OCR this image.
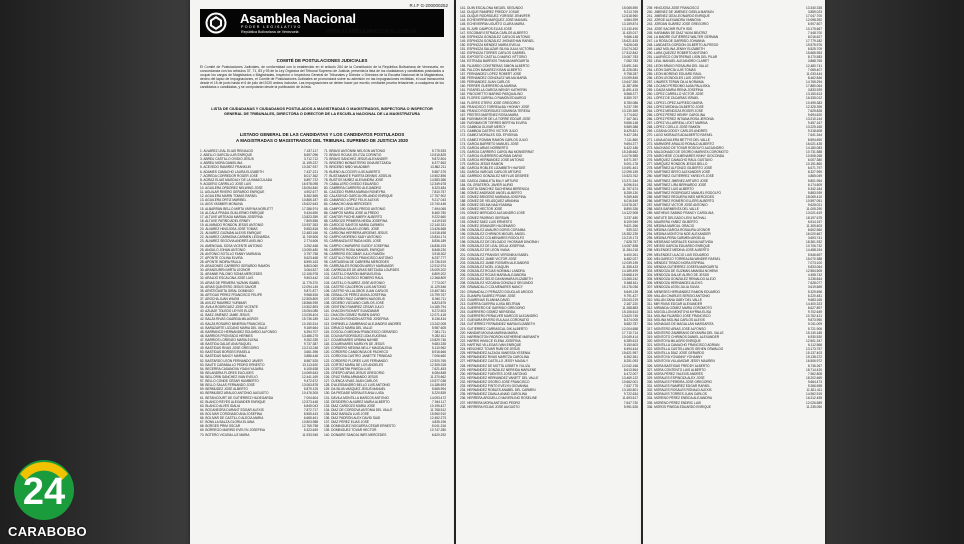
R.I.F G-200000252
Asamblea Nacional
PODER LEGISLATIVO
República Bolivariana de Venezuela	WWW.ASAMBLEANACIONAL.GOB.VE
COMITÉ DE POSTULACIONES JUDICIALES
El Comité de Postulaciones Judiciales, de conformidad con lo establecido en el artículo 264 de la Constitución de la República Bolivariana de Venezuela, en concordancia con los artículos 37, 71, 83 y 93 de la Ley Orgánica del Tribunal Supremo de Justicia, presenta la lista de los ciudadanos y candidatas postulados a ocupar los cargos de Magistrados o Magistradas, Inspector o Inspectora General de Tribunales y Director o Directora de la Escuela Nacional de la Magistratura, dentro del lapso de impugnaciones, el Comité de Postulaciones Judiciales se pronunciará sobre su admisión en las impugnaciones recibidas, el cual transcurrirá desde el 15 de junio hasta el 6 de julio del 2020 ambos inclusive. Las impugnaciones se deben hacer por escrito, mediante prueba fehaciente, a cualquiera de los candidatos o candidatas, y se computarán desde la publicación de la lista.
LISTA DE CIUDADANAS Y CIUDADANOS POSTULADOS A MAGISTRADAS O MAGISTRADOS, INSPECTORA O INSPECTOR
GENERAL DE TRIBUNALES, DIRECTORA O DIRECTOR DE LA ESCUELA NACIONAL DE LA MAGISTRATURA
LISTADO GENERAL DE LAS CANDIDATAS Y LOS CANDIDATOS POSTULADOS
A MAGISTRADAS O MAGISTRADOS DEL TRIBUNAL SUPREMO DE JUSTICIA 2020
1. ÁLVAREZ LEAL ELIAS REINALDO	7.437.117
2. ABELLO GARCÍA LUIS ENRIQUE	8.697.096
3. ABREU CASTILLO OVIDIO JESÚS	3.712.712
4. ABREU MORA DANIELINA	11.159.237
5. ACEVEDO RAMIREZ FRANKLIN	10.267.937
6. ADAMES CAMACHO LAURA ELIZABETH	7.437.221
7. AGREDA CORREDOR ROGER JOSÉ	8.017.362
8. AGRAZ ELIAS MAGDALY DE LA INMACULADA	6.897.722
9. AGÜERO CARRILLO JOSÉ LUIS	16.978.098
10. AGUILERA ORDÓÑEZ NELWING JOSÉ	18.054.840
11. AGUILAR RIVERO GERARDO ENRIQUE	4.902.677
12. AGUILERA MARÍN TOMÁS RAFAEL	8.362.565
13. AGUILERA ORTIZ MARIBEL	10.865.187
14. AIGS YASMIER MONUNA	15.622.643
15. ALBARRÁN BELLO MIRTA YARYNA NORLETT	17.286.974
16. ALCALÁ PRADA GUILLERMO ENRIQUE	9.434.690
17. ALTUVE ARTEAGA MARÍAN JOSEFINA	13.823.359
18. ALTUVE PATIÑO ADEL ERNEY	7.809.556
19. ALVARADO RONDÓN JESÚS ANTONIO	10.937.353
20. ÁLVAREZ HINOJOSA JOSÉ TOMÁS	5.553.818
21. ÁLVAREZ GUZMÁN ALEXIS ENRIQUE	12.483.166
22. ÁLVAREZ CARMONA CARMEN LEONARDA	11.749.506
23. ÁLVAREZ SEGOVIA ANDRÉS AVELINO	2.774.606
24. AMENGUAL SOSA VICENTE ANTONIO	3.252.468
25. ANGULO JOHAN ANTONIO	13.050.480
26. ANTONIO SOTILLO FANNY MARIANA	3.797.758
27. APONTE COLINA ELVIRA	5.623.468
28. APONTE INDIRA PAULA	8.590.163
29. ARAGONÉS CARRERO GERARDO RAMÓN	6.803.060
30. ARANGUREN MIRTA LEONOR	3.064.527
31. ARANNE PALOMO SONIA MERCEDES	12.106.978
32. ARAUJO ESCALONA JOSÉ LUIS	9.503.442
33. ARIAS DE PRIMERA YAZMIN ISABEL	11.775.370
34. ARIAS QUINTERO JESÚS SAVIOR	12.094.145
35. ARISTIGUIETA GIRAL DOMINGO	9.871.877
36. ARTIGAS PÉREZ FRANCISCO FELIPE	9.968.526
37. AROCHA JUAN WILEM	12.505.809
38. AVILEZ RAMÍREZ YURIMAR	18.566.939
39. ÁVILA RODRÍGUEZ JOSÉ VICENTE	10.502.893
40. AZUAJE TOLEDO LEYVIS ELIZE	15.054.085
41. BAEZ JIMÉNEZ JAIME JESÚS	13.035.404
42. BALZA RIVAS GUARDIA MILAGROS	15.736.189
43. BALZA ROSARIO MINERVA FRANCISCA	10.150.514
44. BARAZARTE LIZCANO MARIA DEL VALLE	9.169.664
45. BARRANCO HERNÁNDEZ EDUARDO ALFONSO	6.394.707
46. BARRIOS FRONTADO HERMES	13.486.275
47. BARRIOS LORENZO MARIA ELENA	9.262.339
48. BASTIDA GALUÉ ANA RAQUEL	9.737.387
49. BASTIDAS RIVAS JOSÉ GREGORIO	13.213.248
50. BASTIDAS BORGES IRASELA	3.661.396
51. BASTIDAS NANCY MARINA	3.886.448
52. BASTARDO LEÓN FERNANDO JAVIER	8.587.525
53. BAUTE CARABALLO PEDRO ERNESTO	13.113.620
54. BECERRA CASANOVA YOANI YAJAIRA	6.105.638
55. BELANDRIA FLORES EUCLIDES	14.069.643
56. BELLORÍN SÁNCHEZ IVAN EVELIO	12.441.169
57. BELLO CONDE CÉSAR HUMBERTO	9.472.672
58. BELLO SALAS FERNANDO JOSÉ	13.063.878
59. BERMÚDEZ JOSÉ ALBERTO	5.879.125
60. BERMÚDEZ ARAUJO ANTONIO AUGUSTO	10.476.305
61. BETANCOURT DE GUTIÉRREZ HILDEGARDA	7.004.604
62. BLANCO REYES ALEXANDER ENRIQUE	12.573.448
63. BLANCO ALVES IDALIA	6.845.043
64. BOCANEGRA DURANT EDGAR ALEXIS	7.872.717
65. BOLÍVAR CORONADO ANA JOSEFINA	8.555.443
66. BOLÍVAR DE CASTILLO ALECIA MARIA	6.665.461
67. BONILLA BALZA GLORIA ELIANA	10.803.988
68. BORGES PRIM OSCAR	12.765.758
69. BORREGO MARIÑO EVELYN JOSEFINA	5.323.649
70. BOTERO VICUÑA LUZ MARIA	11.933.945
71. BRAVO ANTONINI NELSON ANTONIO	5.775.933
72. BRAVO ROJAS JELITZA CORINTIO	10.515.825
73. BRAVO SÁNCHEZ JESÚS ALEXANDER	9.872.504
74. BRICEÑO MONASTERIO DINA BETZAIDA	6.377.563
75. BRICEÑO NIÑO WLADIMIR	13.862.211
76. BUENO ALCÓCER LUIS ALBERTO	5.587.375
77. BUSTAMANTE PUERTA DENNIS JOSELIN	10.502.896
78. BUSTOS NÚÑEZ ALEXANDRA JOSÉ	14.583.366
79. CABALLERO OVIEDO EDUARDO	12.349.678
80. CABRERA CARRERO ALEJANDRO	6.323.484
81. CAICEDO PARRA MARIAN RONEYRA	7.810.757
82. CALATAYUD GARCIA ORLANDO ENRIQUE	17.757.902
83. CAMARGO LÓPEZ FELIX ALEXIS	9.217.043
84. CAMACHO ANA MERCEDES	10.740.446
85. CAMPOS LÓPEZ ALFREDO ANTONIO	7.494.065
86. CAMPOS MARIA JOSE ALFREDO	8.460.780
87. CANTOR PUCHE AMERY ALBERTO	9.222.660
88. CARDOZO PRIMERA NEIDA JOSEFINA	4.419.515
89. CAROCIO SANTOS MARÍA CARMEN	12.140.331
90. CARMONA SALAS LEONEL JOSÉ	13.426.568
91. CARDONA HERRERA ARGENIS JESÚS	14.918.458
92. CARPIO MORENO SADY ANTONIO	10.834.174
93. CARRANZA ESTRADA NOEL JOSÉ	8.836.189
94. CARPIO CHAPARRO GLEIDY JOSEFINA	16.836.193
95. CARRERO ROSA MANUEL ENRIQUE	8.848.230
96. CARRERO ESCOBAR JULIO RAMÓN	3.918.302
97. CASTILLO RUVIDO FRANCISCO ANTONIO	6.237.777
98. CARTAGENA DE CABRERA MERCEDES	15.736.519
99. CARRIZALES RONDÓN ARELY MARIAMOR	12.912.974
100. CARRIZALES DE ARIAS BETZAIDA LOURDES	15.009.202
101. CASTILLO BARÓN MARIA ELENA	6.809.202
102. CASTILLO BOSCO ROMERO RAÚL	12.368.809
103. CASTILLO SUÁREZ JOSÉ ANTONIO	7.773.007
104. CASTRO CALDERÓN LUIS ANTONIO	11.129.546
105. CASTRO VILLALOBOS JUAN CARLOS	10.457.561
106. CEBALLOS PÉREZ ANIXA JOSEFINA	10.799.767
107. CEDEÑO RUIZ CARMEN NAGGELIS	8.940.711
108. CEDEÑO VIZCAINO CARLOS JOSÉ	6.823.875
109. CENTENO RAMÍREZ CÉSAR JULIO	14.185.794
110. CHACÓN RICHART ELIMZAMAR	5.272.503
111. CHACÓN GÓMEZ RUBÉN DARIO	12.071.418
112. CHACÓN RONDÓN ASTRID JOSEFINA	8.136.434
113. CHIRINELLI ZAMBRANO ALEJANDRO ANDRÉS	13.242.008
114. CIRIACO MARÍA DEL VALLE	5.987.605
115. COGOLLO MEDINA FRANCESCO GERARDO	7.081.711
116. COLINA RODRÍGUEZ LIDIA EUGENIA	9.282.611
117. COLMENARES URBINA NAYIBE	10.829.746
118. COLMENARES MARILYN DE JESÚS	9.683.335
119. CORDERO MEDINA NELLY MAGDALENA	5.110.962
120. CORDERO CANDONGA DE PACHECO	8.916.666
121. CORDOVA CASTRO JANETTE TRINIDAD	7.006.660
122. CORDERO FLORES LUIS FERNANDO	12.920.765
123. CORTEZ MARÍA DE LOS ANGELES	12.305.318
124. COSTANTINI PINEDA LUIS	7.621.453
125. CRESPO ARIAS JESÚS GREGORIO	6.084.848
126. CRUZ FARÍA ARMANDO JESÚS	11.370.662
127. CUENCA VIVAS JUAN CARLOS	10.577.038
128. D'ALESSANDRO BELLO LUIS ANTONIO	14.186.693
129. DA SILVA VASQUEZ JESÚS MANUEL	5.565.994
130. DA PIEDADE MORALES ANA LUISA	5.220.839
131. DÁVILA MONTILLA MARCOS ANTONIO	14.093.472
132. DESIDERIO ALVAREZ MARIA ALBERTO	7.944.117
133. DÍAZ CARDOZO MARIA JOSE	10.196.427
134. DÍAZ DE CORDOVA ANTONIA DEL VALLE	11.768.512
135. DÍAZ BARAZA LUIS JOSÉ	15.960.910
136. DÍAZ PADRÓN ALEX DAVID SAID	12.452.273
137. DÍAZ PÉREZ ELIAS JOSÉ	4.835.196
138. DOMINGUEZ NOGUERA CÉSAR ERNESTO	5.041.316
139. DOMÍNGUEZ TOVAR HÉCTOR	10.747.280
140. DONAIRE SANOJA INÉS MERCEDES	6.620.292
141. DUIN ESCALONA MIGUEL SEGUNDO	15.065.590
142. DUQUE RAMÍREZ FREDDY JOSUÉ	9.213.769
143. DUQUE RODRÍGUEZ YORSISE JENNIFER	12.618.960
144. ECHEVERRÍA MARQUEZ JOSÉ MANUEL	4.584.399
145. ECHEVERRÍA UGUETO CLARA MARÍA	13.159.874
146. ELJURI CAMPOS ELÍAS JOSÉ	13.130.490
147. ESCOBAR ESTRADA CARLOS ALBERTO	11.430.017
148. ESPINOZA GONZÁLEZ CARLOS ANTONIO	9.686.148
149. ESPINOZA GONZÁLEZ JHONATHAN RAFAEL	15.621.815
150. ESPINOZA MÉNDEZ MARÍA EVELIA	9.628.045
151. ESPINOZA SALAZAR SILVIA JULIA VICTORIA	13.074.262
152. ESPINOZA TORRES CARLOS GABRIEL	17.512.842
153. EXPÓSITO CASTILLO MARIO VITTORIO	10.067.783
154. ESTRADA BARRIOS THANIA MARGARITA	7.082.783
155. FAJARDO CONTRERAS SIMÓN ALBERTO	15.691.340
156. FALCÓN MAVAREZ KISAN ALBERTO	11.226.081
157. FERNÁNDEZ LÓPEZ ROBERT JOSÉ	9.798.287
158. FERNÁNDEZ GONZÁLEZ WILMA MARÍA	10.059.845
159. FERNÁNDEZ JUAN CARLOS	10.647.350
160. FERRER GUERRERO ALMARINA	11.387.696
161. FIGARELLA GARCÍA WENDY KATHERIN	11.691.415
162. FINOCHETTO MARINO PASQUALINO	5.568.377
163. FLORES CARRILLO RAMÓN EDUARDO	8.350.767
164. FLORES OTERO JOSÉ GREGORIO	8.780.086
165. FRANCISCO TORREALBA YHONNY JOSÉ	9.237.789
166. FRANCO RODRÍGUEZ DOMINGA TERESA	13.130.369
167. FREITES MARTÍNEZ ROSA MARÍA	3.774.602
168. FUENMAYOR DE LA TORRE EDGAR JOSÉ	7.167.361
169. FUENMAYOR TORRES BERTHA ELVIRA	9.656.148
170. GAMBOA OLIVAR MERCY	5.589.388
171. GAMBOA CASTRO VÍCTOR JULIO	8.429.821
172. GÁMEZ MORALES SOL EFIGENIA	9.427.284
173. GÁMEZ ROMÁN RAMÓN CARLOS JULIO	7.111.860
174. GARCÍA BARRETO MANUEL JOSÉ	9.694.377
175. GARCÍA ARIAS NORBERTO	6.422.186
176. GARCÍA CARRERO CAROLINA MONSERRAT	15.248.662
177. GARCÍA GUERRERO ADRIÁN DARIO	14.076.985
178. GARCÍA HERNÁNDEZ JOSÉ ANTONIO	6.971.397
179. GARCÍA JESÚS RAMÓN	5.001.178
180. GARCÍA ROBLES LIZAMBETH HAYDEÉ	10.691.461
181. GARCÍA VARGAS CARLOS ARTURO	12.095.159
182. GARRIDO GONZÁLEZ MEYLUS DESIRÉE	10.523.762
183. GASCA ZABALETA BILLY ARTURO	13.371.344
184. GIL GRATEROL JAVIER ALIRIO	8.096.514
185. GOITÍA SÁNCHEZ SACHENKA BERENICA	11.767.674
186. GÓMEZ ANDRADE ANGEL ALBERTO	8.259.130
187. GÓMEZ BRICEÑO MARIANA JOSEFINA	9.269.465
188. GÓMEZ DE VELÁSQUEZ ARIANNA	6.016.549
189. GÓMEZ DELMA NAILYSABINA	13.578.267
190. GÓMEZ HÉCTOR JOSÉ	8.890.336
191. GÓMEZ MERCADO ALEJANDRO JOSÉ	14.122.908
192. GÓMEZ PADRINO GERSAIN	3.237.480
193. GÓMEZ SÁEZ LUIS ERNESTO	8.109.949
194. GÓMEZ JEMANZIR HILDEMARO	9.621.266
195. GONZÁLEZ ANAURO DORIS CORAIMA	939.322
196. GONZÁLEZ CHIRINOS MIGUEL ÁNGEL	15.352.239
197. GONZÁLEZ COLMENARES RODOLFO	10.219.173
198. GONZÁLEZ DE DELGADO YHOSMAR DINORAH	7.628.757
199. GONZÁLEZ DE LEAL DELIA JOSEFINA	14.057.838
200. GONZÁLEZ DE LEÓN VIANA	11.284.218
201. GONZÁLEZ FRANGIS VERONIKA ISABEL	6.400.261
202. GONZÁLEZ JAIME VÍCTOR JOSÉ	6.482.027
203. GONZÁLEZ JAIME ROSMEN ALEJANDRO	12.039.195
204. GONZÁLEZ NOEL JOAQUÍN	11.355.433
205. GONZÁLEZ ROJAS NOEMALI LANDRA	14.189.499
206. GONZÁLEZ ROJAS MARÍA ALEJANDRA	15.668.419
207. GONZÁLEZ SEIJO DAYANHARA ELIZABETH	13.265.242
208. GONZÁLEZ VIZCAÍNA GONZALO SEGUNDO	5.848.611
209. GRANADILLO COLMENARES NANCY	15.176.036
210. GRANADILLO PERAZZO DOUGLAS ARCIDO	5.649.139
211. GUANIPA SUÁREZ FRANK JOSÉ	9.791.427
212. GUARENAS ELANNIA DAVID	15.043.219
213. GUERRA GUERRA LUISA BELTRAN	2.187.220
214. GUERRERO DE GARRIDO GREGORIO	11.288.883
215. GUERRERO GÓMEZ NERSEIDA	15.106.614
216. GUERRERO PEÑALVER MARCOS ALEJANDRO	13.620.745
217. GUEVARA RIVERO EULALIA CORONATIO	8.374.005
218. GUTIÉRREZ FERNÁNDEZ MARÍA ELIZABETH	8.682.787
219. GUTIÉRREZ CARRASCAL DIK ALBERTO	12.004.658
220. HANDAR MOLINA MARINA MARIA	17.710.714
221. HARRINGTON PADRÓN KATHERINE MARIANTH	10.049.414
222. HARRIS HIMILCE ELENA JOSEFINA	6.289.613
223. HARTING VILLEGAS IVAN ENRIQUE	9.150.603
224. HENCHIEZ TOVAR RUBÍ DE JESÚS	6.494.444
225. HERNÁNDEZ ALZAGA VANESSA YESENIA	15.621.957
226. HERNÁNDEZ RIVAS MARITZA CAROLINA	6.352.361
227. HERNÁNDEZ CASTILLO JESSY MAGALY	8.251.093
228. HERNÁNDEZ DE MOTTA LISBETH YULIZA	12.042.166
229. HERNÁNDEZ GONZÁLEZ NEREIDA MARLENE	8.613.564
230. HERNÁNDEZ FUENTES JOSÉ ANTONIO	6.472.007
231. HERNÁNDEZ HERNÁNDEZ VANETT DEL VALLE	13.469.122
232. HERNÁNDEZ OSORIO JOSÉ FRANCISCO	10.662.001
233. HERNÁNDEZ PINTO EVELYN GIOVANNA	7.637.775
234. HERNÁNDEZ ROBLES ANABEL DEL CARMEN	13.160.801
235. HERNÁNDEZ ZAVALA ANAID CAROLINA	9.722.634
236. HERRERA ARGUELLO MAYERLING ROSELINE	11.693.617
237. HERRERA MORA ANTONIO PEDRO	7.647.730
238. HERRERA ROJAS JOSÉ AUGUSTO	5.951.526
239. HINOJOSA JOSÉ FRANCISCO	13.340.335
240. JIMENEZ DE JIMÉNEZ GISELA MARILÍN	3.859.023
241. JIMÉNEZ IZEA LEONARDO ENRIQUE	17.047.700
242. JORGE ALEXANDRA YANNÓVA	12.098.392
243. JORDÁN SUÁREZ JOSÉ GREGORIO	6.907.507
244. JOSÉ SACHIR RUTH ISIS	10.175.667
245. KARAMÁN DE DÍAZ YAXIA BEATRIZ	7.448.700
246. LA MADRE GUTIÉRREZ WALTER GERMAN	8.016.627
247. LA ROSA DE GARRIDO JOHANNA	17.779.182
248. LANDAETA GORDÓN GILBERTO ALFREDO	19.575.976
249. LANZ MOLINA JENNY ELIZABETH	6.525.709
250. LARA QUEZEZ ROBERTO ANTONIO	15.665.953
251. LAURISCO CONTRERAS LISÍN DEL PILAR	8.170.583
252. LEAL MANUEL ALEJANDRO CLARET	3.868.765
253. LEÓN BRAVO ROSAURA DEL VALLE	12.480.741
254. LEÓN GARCÍA LUIS TOMÁS	7.065.407
255. LEÓN MORENO EDUARD RAÚL	11.033.444
256. LEÓN LEONDOLES LUIS JOSEPH	8.462.846
257. LINARES TERÁN DILIA NORAIMA	14.765.294
258. LOCANO PERDOMO ALBA PAULISKA	17.880.064
259. LOAIZA MARIA REINA JOSEFINA	3.833.929
260. LÓPEZ CARRILLO VÍCTOR JOSÉ	13.150.613
261. LÓPEZ DE ZACARÍAS ISRAEL	16.335.012
262. LÓPEZ LÓPEZ ALFREDO MARÍA	10.495.383
263. LÓPEZ MEDINA GILBERTO JOSÉ	12.325.395
264. LÓPEZ MENDOZA ROGER JOSÉ	7.625.828
265. LÓPEZ PÉREZ HENRY CAROLINA	9.694.620
266. LÓPEZ PÉREZ INTIANA ROSA JERONIA	13.210.144
267. LÓPEZ VILLARREAL LEXIT MARINA	9.457.167
268. LÓPEZ COELLO JOSÉ RAMÓN	13.225.165
269. LOZANA GODOY CARLOS ANDRÉS	9.318.608
270. LUGO MORALES ADALBERTO RAFAEL	7.641.344
271. LUNA AGUILERA BETTYS DEL VALLE	8.594.690
272. MARMORE ARAUJO RONALD ALBERTO	16.021.435
273. MACHADO DE TOVAR RODOLFO ALEJANDRO	14.180.083
274. MALDONADO DE OSORIO MARINTA COROMOTO	10.731.588
275. MARCHESE COLMENARES KINNY GIOCONDA	10.508.268
276. MARQUEZ CAMACHO RAÚL GUSTAVO	6.007.380
277. MÁRQUEZ RONDÓN JESÚS BELLO	10.151.860
278. MARTÍNEZ ALFONZO GILBERTO JOSÉ	6.671.797
279. MARTÍNEZ BRITO ALEXANDER JOSÉ	8.327.990
280. MARTÍNEZ GUTIÉRREZ YARELYS JOSÉ	4.865.049
281. MARTÍNEZ JIMÉNEZ ARTURO JOSÉ	5.801.954
282. MARTÍNEZ LIRA BERNARDO JOSÉ	6.174.609
283. MARTÍNEZ LUIS ALBERTO	5.342.184
284. MARTÍNEZ RODRÍGUEZ MANUEL RODOLFO	5.883.939
285. MARTÍNEZ REGUERA INÉS MERCEDES	18.069.410
286. MARTÍNEZ ROMERO ELLERS ALBERTO	10.597.051
287. MARTÍNEZ VÍCTOR JOSÉ ANTONIO	9.628.021
288. MATA SARMIENTA DEL VALLE	11.005.290
289. MATHEUS SABINO FRANCY CAROLINA	13.021.619
290. MATUTE DELGADO LEIVI NATHALI	18.197.675
291. MAURERA YAÑEZ GILBERTO	6.514.157
292. MEDINA MAROUL ORACIO	11.305.603
293. MEDINA GARCÍA ROSAURA LEONOR	8.602.560
294. MEDINA MONTOYA NOÉ ALEXANDER	16.020.667
295. MEDINA PEÑA CARMEN ARGELIA	3.693.741
296. MEDRANO MORALES KILINA NATIVIDA	18.361.932
297. MEISSI GARCÍA EDUARDO ENRIQUE	10.706.732
298. MELÉNDEZ MEDINA JOSÉ ALBERTO	14.458.154
299. MELÉNDEZ ULACIO LUIS EDUARDO	5.546.697
300. MELGAREJO TORREALBA WINDER RAFAEL	15.070.388
301. MÉNDEZ TIRADO NORA ESPIRAL	7.073.100
302. MENDIA GUTIÉRREZ JOSEFA MARGARITA	5.833.064
303. MENDOZA DE GUZMAN AMANDA NOHEMI	12.554.505
304. MENDOZA GALUE ALIRIO DE JESÚS	4.498.742
305. MENDOZA GONZÁLEZ REINALDO ALEJO	3.236.844
306. MENDOZA HERNÁNDEZ ALEXIS	7.628.077
307. MENDOZA LEÓN JULIA SILVIA	3.619.669
308. MENESES HERNÁNDEZ RAMÓN EDUARDO	5.329.696
309. MILLÁN CHARLES SERGIO ANTONIO	6.220.481
310. MILLÁN ZANA GABY DEL VALLE	9.683.165
311. MIR RIVAS EDGAR ALEXANDER	14.400.323
312. MIRANDA GÓMEZ MARÍA COROMOTO	8.627.897
313. MOGOLLON MONTOYA MYRNA ELISA	9.702.649
314. MOLINA FAJARDO JOSÉ FRANCISCO	10.762.421
315. MOLINA MOLINA CARLOS ALEXIS	9.873.950
316. MONAGAS DE MAGALLÁN MARGARITA	5.011.009
317. MONTERO ARIAS JOSÉ ALFONSO	5.721.906
318. MONTERO ZAMBRANO DEYANIRA DEL VALLE	15.130.185
319. MONTOTO CHIRINOS DANIEL ALEXANDER	6.930.530
320. MONTOYA MILAGRO ENRIQUE	12.501.347
321. MONTILLA CAMACHO FRANCISCO ADRIAN	6.112.566
322. MONTILLA CASTELLANOS GEHEN OSWALDO	13.173.757
323. MONTILLA DÍAZ JOSÉ GERARDO	15.137.403
324. MONTOYA YOVANNY YOHANNY	15.138.372
325. MONTOYA VILLAMIZAR JESSY MAUREN	16.506.972
326. MORA BASTIDAS FREDDY ALBERTO	8.736.267
327. MORA CONTENTO LUIS ALBERTO	18.714.420
328. MORA PÉREZ YALEXIS ANDRÉS	7.962.808
329. MORALES ESPINOZA ALEX JOSÉ	18.202.669
330. MORALES PEREIRA JOSÉ GREGORIO	9.664.473
331. MORALES RAMÍREZ EDGAR RAFAEL	9.266.698
332. MORALES ROSALES RONALD ALEXIS	11.821.411
333. MORALES TORRES JUAN CARLOS	14.962.919
334. MORENO PÉREZ ENEIDA ALEJANDRA	16.312.455
335. MORENO PÉREZ ENDRIC LUIS	12.026.589
336. MOROS PINEDA EDUARDO ENRIQUE	11.235.050
24
CARABOBO
